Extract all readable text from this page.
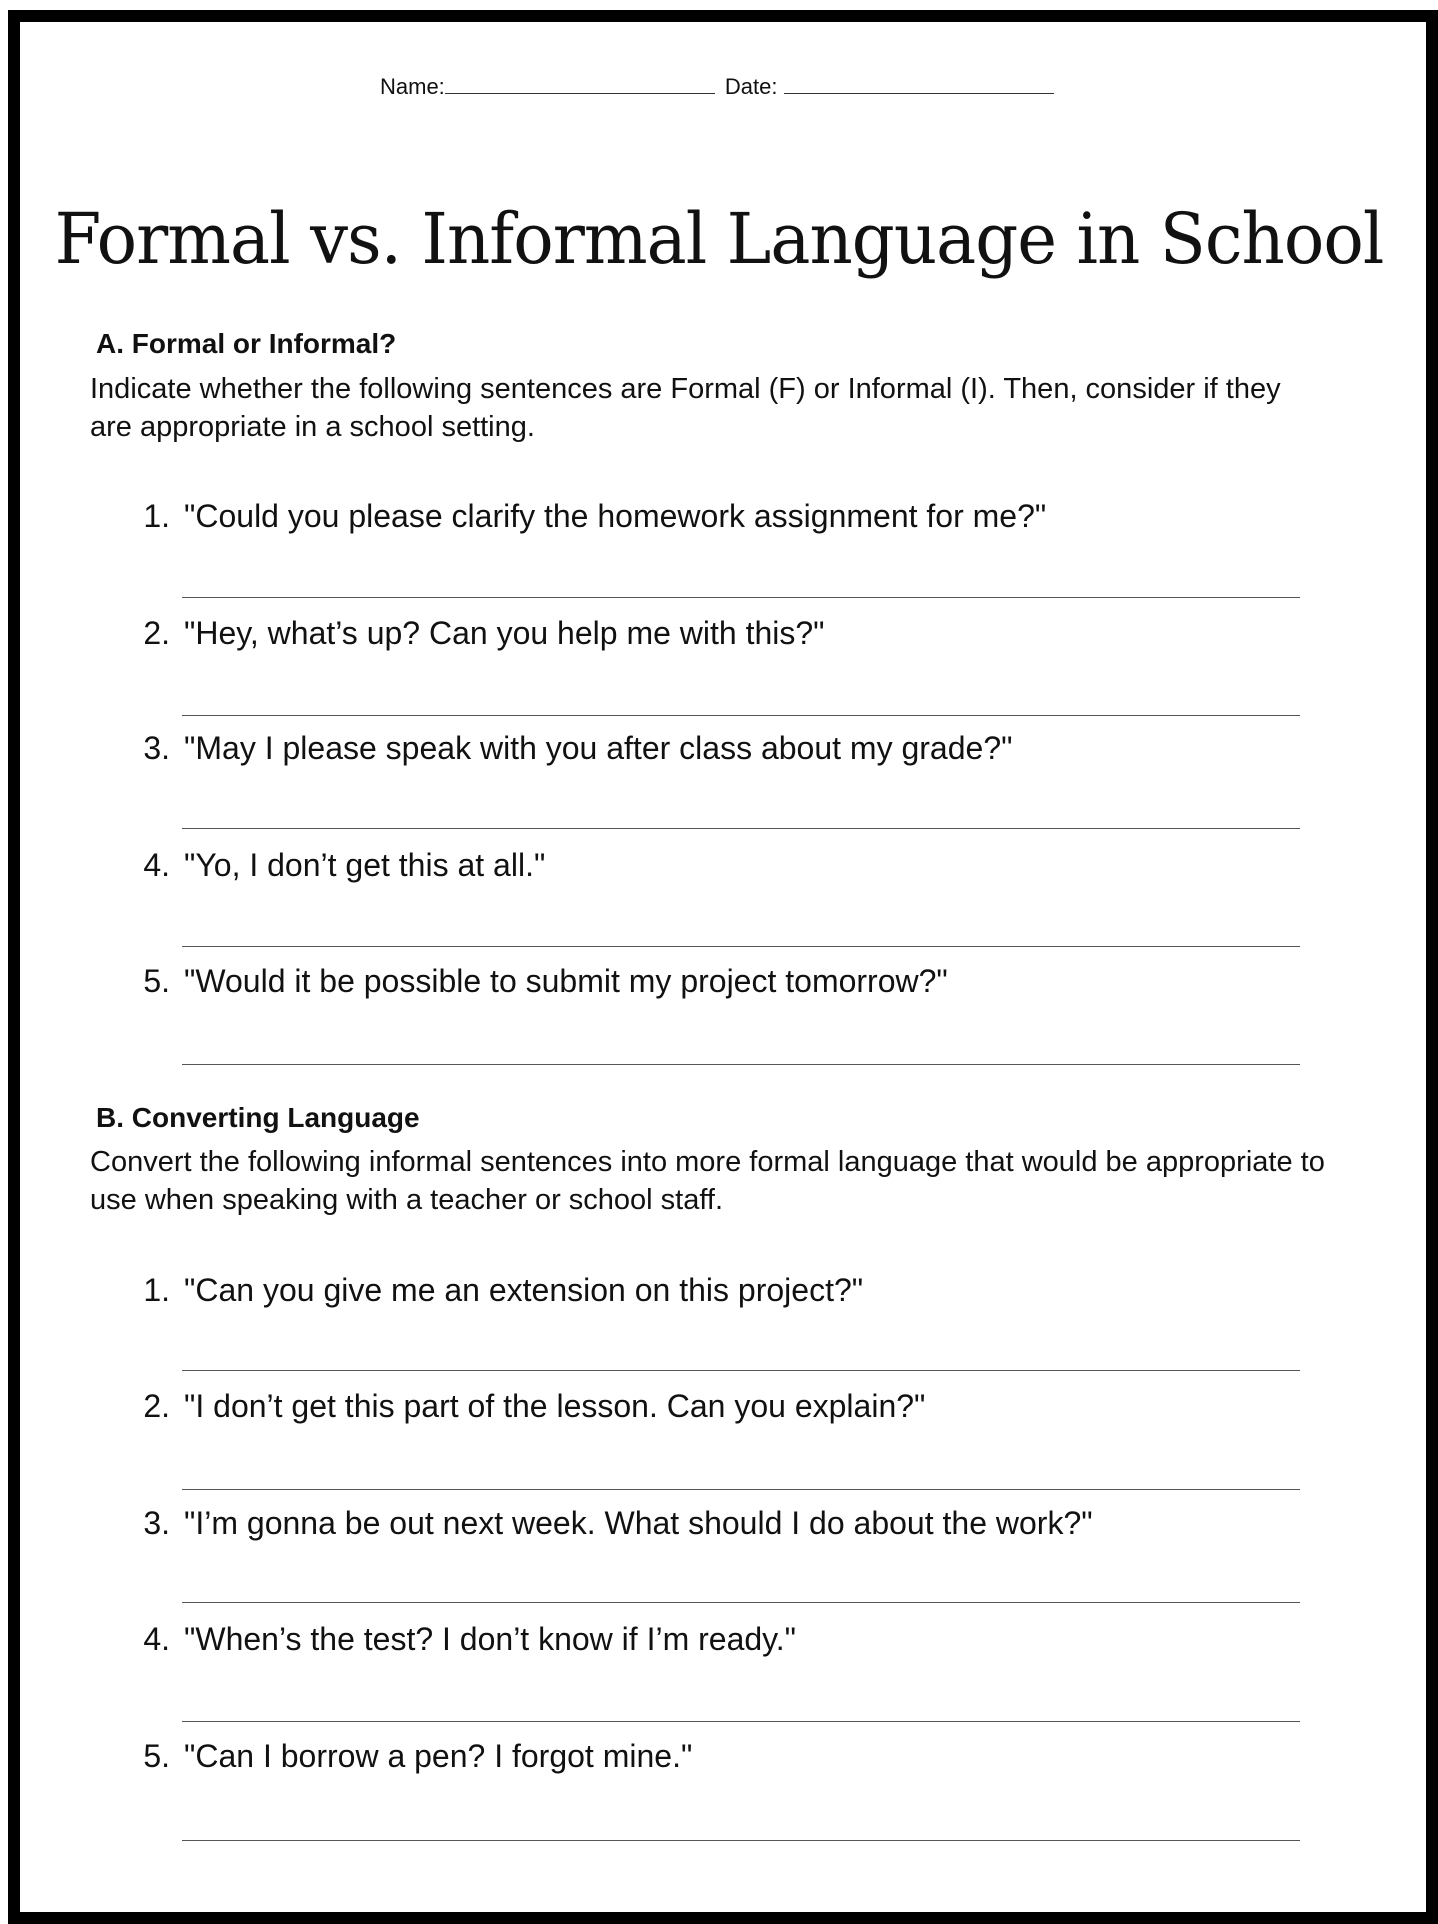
Name:	Date:
Formal vs. Informal Language in School
A. Formal or Informal?
Indicate whether the following sentences are Formal (F) or Informal (I). Then, consider if they are appropriate in a school setting.
1. "Could you please clarify the homework assignment for me?"
2. "Hey, what’s up? Can you help me with this?"
3. "May I please speak with you after class about my grade?"
4. "Yo, I don’t get this at all."
5. "Would it be possible to submit my project tomorrow?"
B. Converting Language
Convert the following informal sentences into more formal language that would be appropriate to use when speaking with a teacher or school staff.
1. "Can you give me an extension on this project?"
2. "I don’t get this part of the lesson. Can you explain?"
3. "I’m gonna be out next week. What should I do about the work?"
4. "When’s the test? I don’t know if I’m ready."
5. "Can I borrow a pen? I forgot mine."
